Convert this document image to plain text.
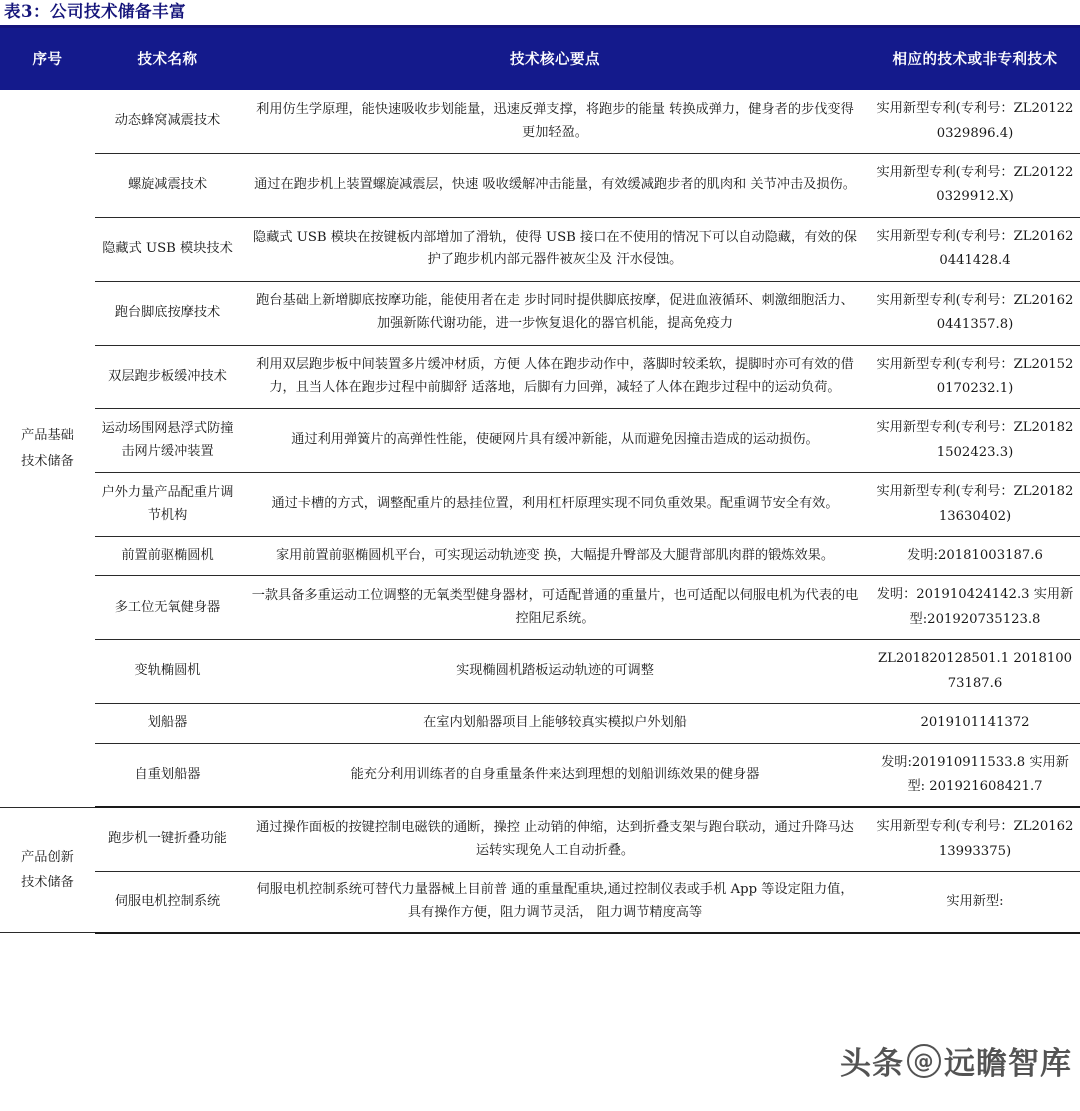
表3：公司技术储备丰富
序号	技术名称	技术核心要点	相应的技术或非专利技术

产品基础
技术储备	动态蜂窝减震技术	利用仿生学原理，能快速吸收步划能量，迅速反弹支撑，将跑步的能量 转换成弹力，健身者的步伐变得更加轻盈。	实用新型专利(专利号：ZL201220329896.4)
	螺旋减震技术	通过在跑步机上装置螺旋减震层，快速 吸收缓解冲击能量，有效缓减跑步者的肌肉和 关节冲击及损伤。	实用新型专利(专利号：ZL201220329912.X)
	隐藏式 USB 模块技术	隐藏式 USB 模块在按键板内部增加了滑轨，使得 USB 接口在不使用的情况下可以自动隐藏，有效的保护了跑步机内部元器件被灰尘及 汗水侵蚀。	实用新型专利(专利号：ZL201620441428.4
	跑台脚底按摩技术	跑台基础上新增脚底按摩功能，能使用者在走 步时同时提供脚底按摩，促进血液循环、刺激细胞活力、加强新陈代谢功能，进一步恢复退化的器官机能，提高免疫力	实用新型专利(专利号：ZL201620441357.8)
	双层跑步板缓冲技术	利用双层跑步板中间装置多片缓冲材质，方便 人体在跑步动作中，落脚时较柔软，提脚时亦可有效的借力，且当人体在跑步过程中前脚舒 适落地，后脚有力回弹，减轻了人体在跑步过程中的运动负荷。	实用新型专利(专利号：ZL201520170232.1)
	运动场围网悬浮式防撞击网片缓冲装置	通过利用弹簧片的高弹性性能，使硬网片具有缓冲新能，从而避免因撞击造成的运动损伤。	实用新型专利(专利号：ZL201821502423.3)
	户外力量产品配重片调节机构	通过卡槽的方式，调整配重片的悬挂位置，利用杠杆原理实现不同负重效果。配重调节安全有效。	实用新型专利(专利号：ZL2018213630402)
	前置前驱椭圆机	家用前置前驱椭圆机平台，可实现运动轨迹变 换，大幅提升臀部及大腿背部肌肉群的锻炼效果。	发明:20181003187.6
	多工位无氧健身器	一款具备多重运动工位调整的无氧类型健身器材，可适配普通的重量片，也可适配以伺服电机为代表的电控阻尼系统。	发明：201910424142.3 实用新型:201920735123.8
	变轨椭圆机	实现椭圆机踏板运动轨迹的可调整	ZL201820128501.1 201810073187.6
	划船器	在室内划船器项目上能够较真实模拟户外划船	2019101141372
	自重划船器	能充分利用训练者的自身重量条件来达到理想的划船训练效果的健身器	发明:201910911533.8 实用新型: 201921608421.7

产品创新
技术储备	跑步机一键折叠功能	通过操作面板的按键控制电磁铁的通断，操控 止动销的伸缩，达到折叠支架与跑台联动，通过升降马达运转实现免人工自动折叠。	实用新型专利(专利号：ZL2016213993375)
	伺服电机控制系统	伺服电机控制系统可替代力量器械上目前普 通的重量配重块,通过控制仪表或手机 App 等设定阻力值，具有操作方便，阻力调节灵活， 阻力调节精度高等	实用新型:
头条 @ 远瞻智库
